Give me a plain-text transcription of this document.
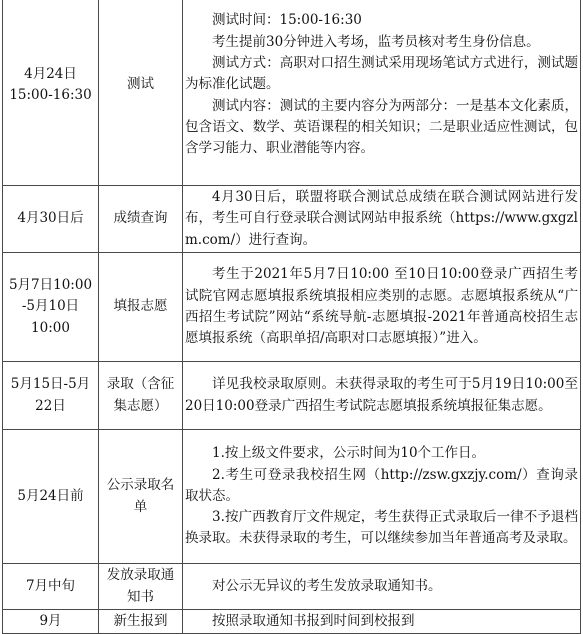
4月24日 15:00-16:30	测试	测试时间：15:00-16:30

考生提前30分钟进入考场，监考员核对考生身份信息。

测试方式：高职对口招生测试采用现场笔试方式进行，测试题为标准化试题。

测试内容：测试的主要内容分为两部分：一是基本文化素质，包含语文、数学、英语课程的相关知识；二是职业适应性测试，包含学习能力、职业潜能等内容。

4月30日后	成绩查询	4月30日后，联盟将联合测试总成绩在联合测试网站进行发布，考生可自行登录联合测试网站申报系统（https://www.gxgzlm.com/）进行查询。

5月7日10:00 -5月10日 10:00	填报志愿	考生于2021年5月7日10:00 至10日10:00登录广西招生考试院官网志愿填报系统填报相应类别的志愿。志愿填报系统从“广西招生考试院”网站“系统导航-志愿填报-2021年普通高校招生志愿填报系统（高职单招/高职对口志愿填报）”进入。

5月15日-5月22日	录取（含征集志愿）	详见我校录取原则。未获得录取的考生可于5月19日10:00至20日10:00登录广西招生考试院志愿填报系统填报征集志愿。

5月24日前	公示录取名单	1.按上级文件要求，公示时间为10个工作日。

2.考生可登录我校招生网（http://zsw.gxzjy.com/）查询录取状态。

3.按广西教育厅文件规定，考生获得正式录取后一律不予退档换录取。未获得录取的考生，可以继续参加当年普通高考及录取。

7月中旬	发放录取通知书	对公示无异议的考生发放录取通知书。

9月	新生报到	按照录取通知书报到时间到校报到
